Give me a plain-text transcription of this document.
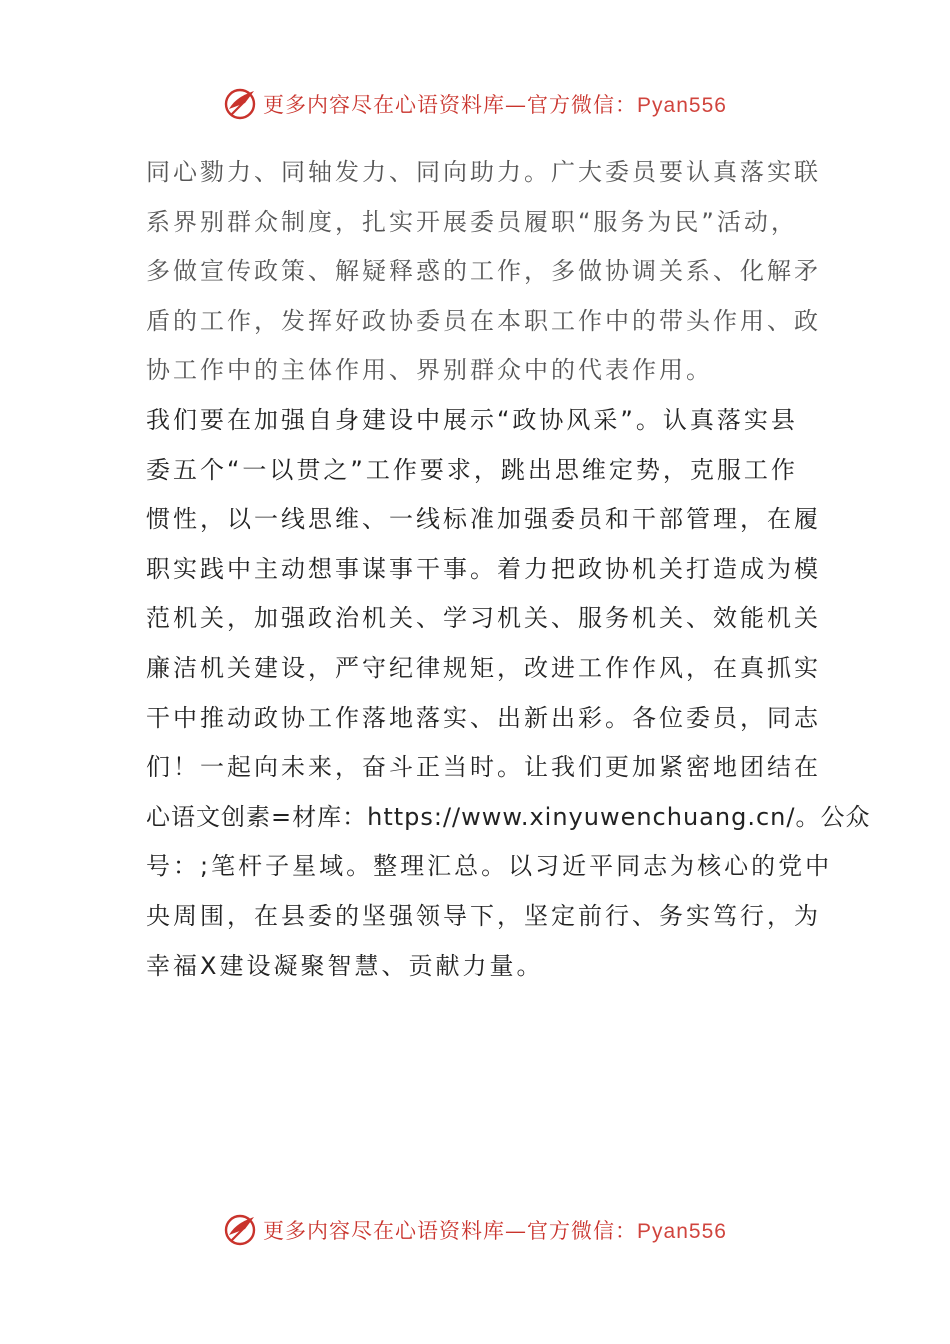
更多内容尽在心语资料库—官方微信：Pyan556
同心勠力、同轴发力、同向助力。广大委员要认真落实联
系界别群众制度，扎实开展委员履职“服务为民”活动，
多做宣传政策、解疑释惑的工作，多做协调关系、化解矛
盾的工作，发挥好政协委员在本职工作中的带头作用、政
协工作中的主体作用、界别群众中的代表作用。
我们要在加强自身建设中展示“政协风采”。认真落实县
委五个“一以贯之”工作要求，跳出思维定势，克服工作
惯性，以一线思维、一线标准加强委员和干部管理，在履
职实践中主动想事谋事干事。着力把政协机关打造成为模
范机关，加强政治机关、学习机关、服务机关、效能机关
廉洁机关建设，严守纪律规矩，改进工作作风，在真抓实
干中推动政协工作落地落实、出新出彩。各位委员，同志
们！一起向未来，奋斗正当时。让我们更加紧密地团结在
心语文创素=材库：https://www.xinyuwenchuang.cn/。公众
号：;笔杆子星域。整理汇总。以习近平同志为核心的党中
央周围，在县委的坚强领导下，坚定前行、务实笃行，为
幸福X建设凝聚智慧、贡献力量。
更多内容尽在心语资料库—官方微信：Pyan556
